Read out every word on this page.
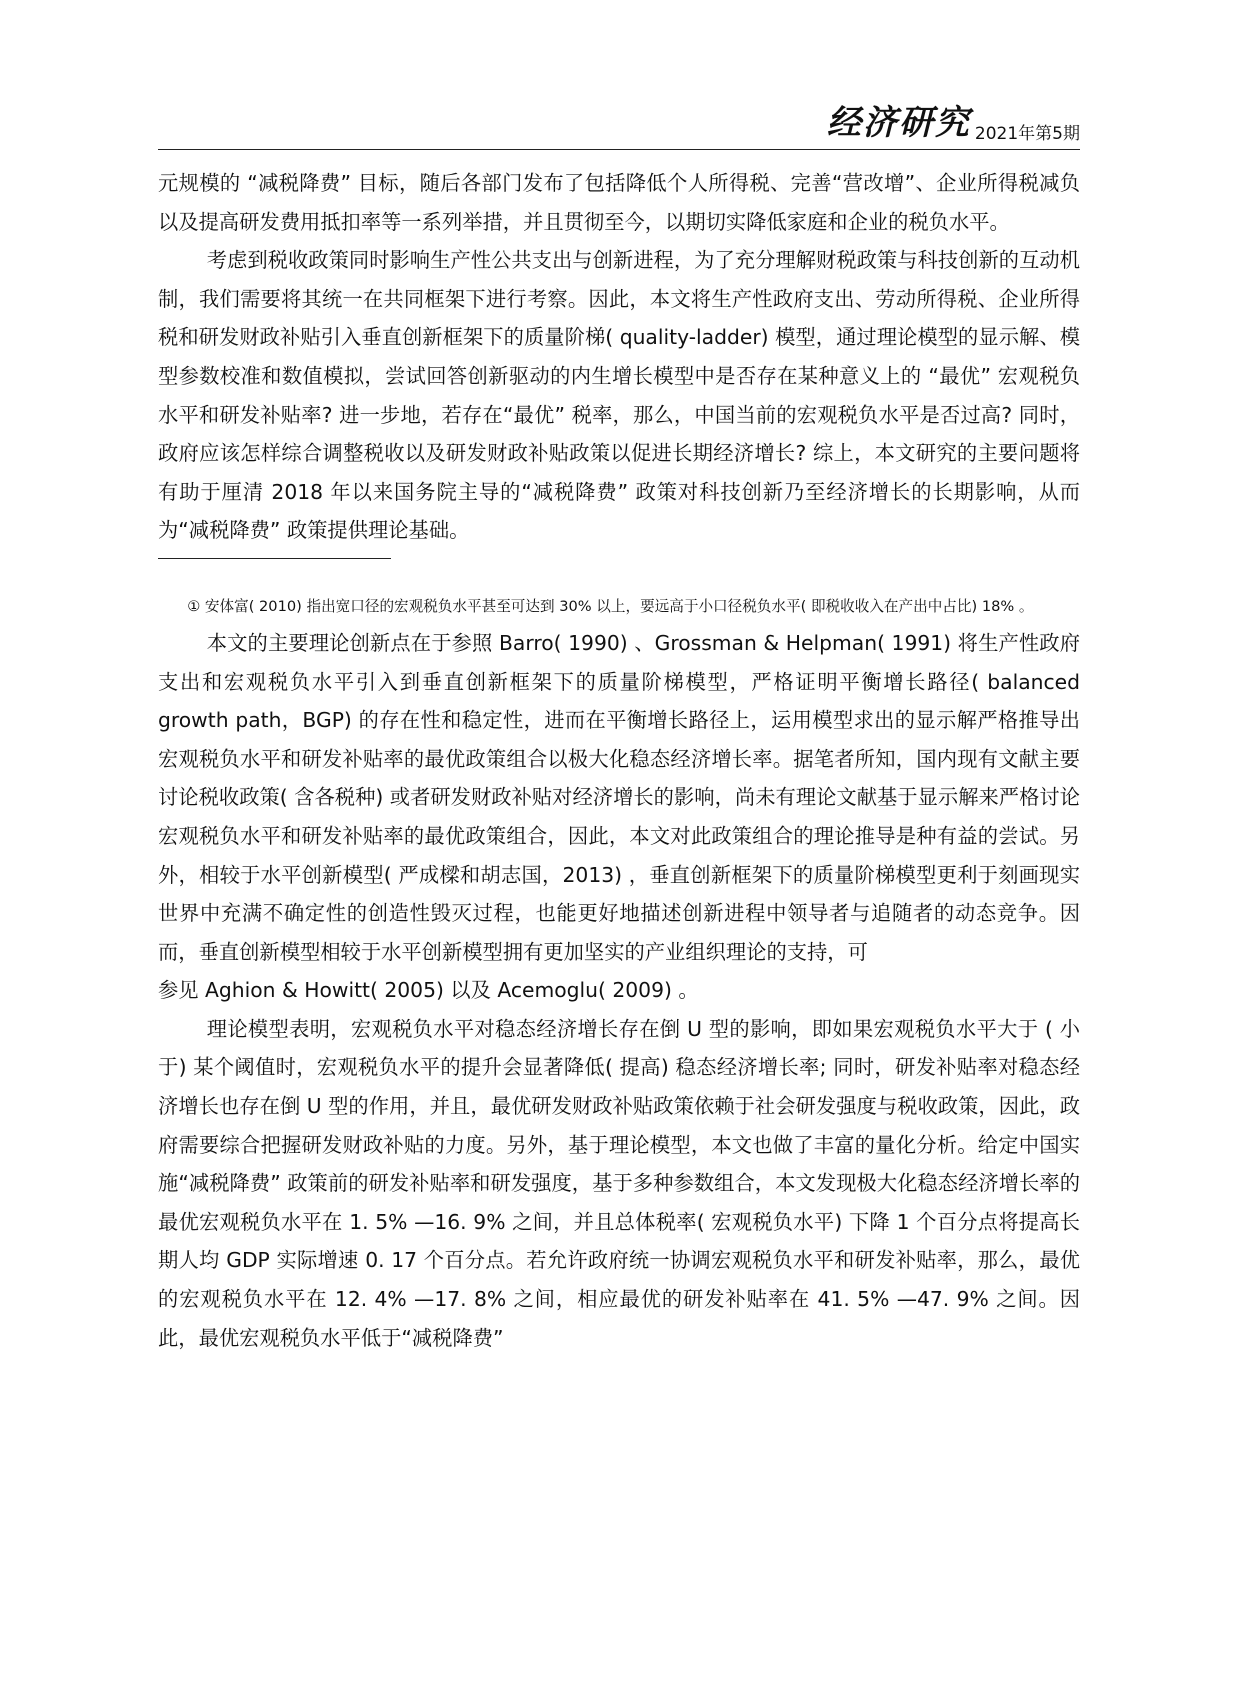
经济研究 2021年第5期

元规模的 “减税降费” 目标，随后各部门发布了包括降低个人所得税、完善“营改增”、企业所得税减负以及提高研发费用抵扣率等一系列举措，并且贯彻至今，以期切实降低家庭和企业的税负水平。

考虑到税收政策同时影响生产性公共支出与创新进程，为了充分理解财税政策与科技创新的互动机制，我们需要将其统一在共同框架下进行考察。因此，本文将生产性政府支出、劳动所得税、企业所得税和研发财政补贴引入垂直创新框架下的质量阶梯( quality-ladder) 模型，通过理论模型的显示解、模型参数校准和数值模拟，尝试回答创新驱动的内生增长模型中是否存在某种意义上的 “最优” 宏观税负水平和研发补贴率? 进一步地，若存在“最优” 税率，那么，中国当前的宏观税负水平是否过高? 同时，政府应该怎样综合调整税收以及研发财政补贴政策以促进长期经济增长? 综上，本文研究的主要问题将有助于厘清 2018 年以来国务院主导的“减税降费” 政策对科技创新乃至经济增长的长期影响，从而为“减税降费” 政策提供理论基础。

① 安体富( 2010) 指出宽口径的宏观税负水平甚至可达到 30% 以上，要远高于小口径税负水平( 即税收收入在产出中占比) 18% 。

本文的主要理论创新点在于参照 Barro( 1990) 、Grossman & Helpman( 1991) 将生产性政府支出和宏观税负水平引入到垂直创新框架下的质量阶梯模型，严格证明平衡增长路径( balanced growth path，BGP) 的存在性和稳定性，进而在平衡增长路径上，运用模型求出的显示解严格推导出宏观税负水平和研发补贴率的最优政策组合以极大化稳态经济增长率。据笔者所知，国内现有文献主要讨论税收政策( 含各税种) 或者研发财政补贴对经济增长的影响，尚未有理论文献基于显示解来严格讨论宏观税负水平和研发补贴率的最优政策组合，因此，本文对此政策组合的理论推导是种有益的尝试。另外，相较于水平创新模型( 严成樑和胡志国，2013) ，垂直创新框架下的质量阶梯模型更利于刻画现实世界中充满不确定性的创造性毁灭过程，也能更好地描述创新进程中领导者与追随者的动态竞争。因而，垂直创新模型相较于水平创新模型拥有更加坚实的产业组织理论的支持，可

参见 Aghion & Howitt( 2005) 以及 Acemoglu( 2009) 。

理论模型表明，宏观税负水平对稳态经济增长存在倒 U 型的影响，即如果宏观税负水平大于 ( 小于) 某个阈值时，宏观税负水平的提升会显著降低( 提高) 稳态经济增长率; 同时，研发补贴率对稳态经济增长也存在倒 U 型的作用，并且，最优研发财政补贴政策依赖于社会研发强度与税收政策，因此，政府需要综合把握研发财政补贴的力度。另外，基于理论模型，本文也做了丰富的量化分析。给定中国实施“减税降费” 政策前的研发补贴率和研发强度，基于多种参数组合，本文发现极大化稳态经济增长率的最优宏观税负水平在 1. 5% —16. 9% 之间，并且总体税率( 宏观税负水平) 下降 1 个百分点将提高长期人均 GDP 实际增速 0. 17 个百分点。若允许政府统一协调宏观税负水平和研发补贴率，那么，最优的宏观税负水平在 12. 4% —17. 8% 之间，相应最优的研发补贴率在 41. 5% —47. 9% 之间。因此，最优宏观税负水平低于“减税降费”
